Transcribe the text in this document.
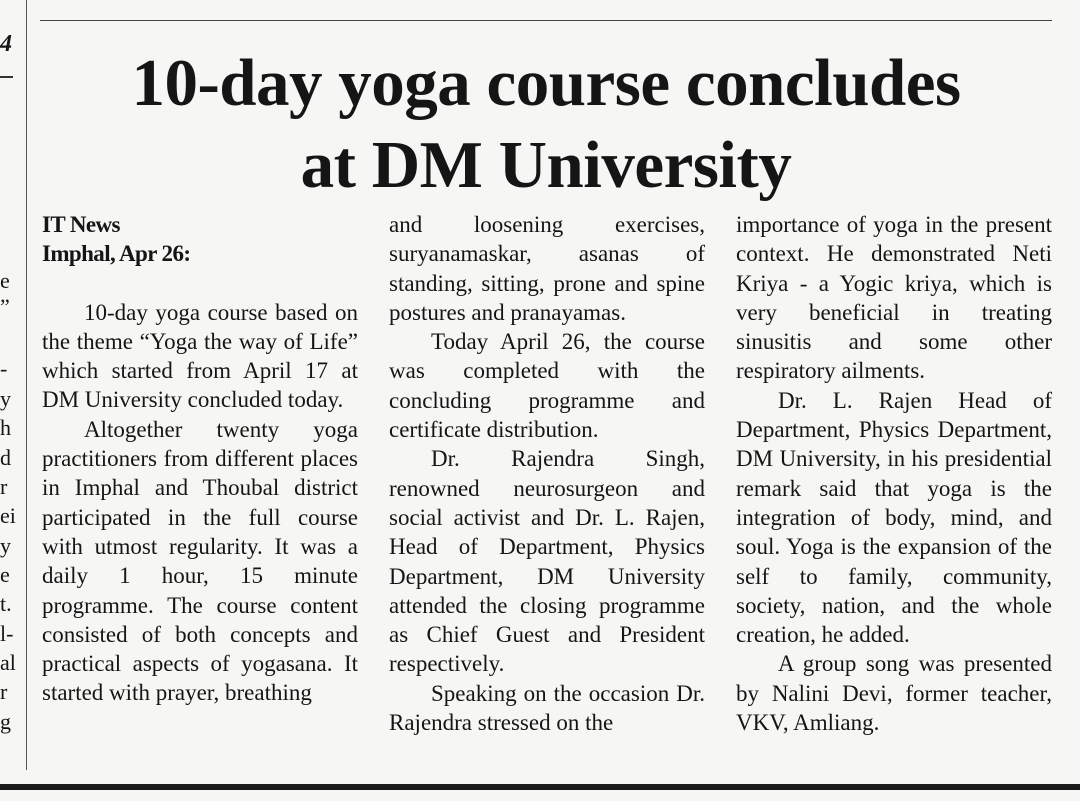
4
e
”
-
y
h
d
r
ei
y
e
t.
l-
al
r
g
10-day yoga course concludes
at DM University
IT News
Imphal, Apr 26:

10-day yoga course based on the theme “Yoga the way of Life” which started from April 17 at DM University concluded today.

Altogether twenty yoga practitioners from different places in Imphal and Thoubal district participated in the full course with utmost regularity. It was a daily 1 hour, 15 minute programme. The course content consisted of both concepts and practical aspects of yogasana. It started with prayer, breathing

and loosening exercises, suryanamaskar, asanas of standing, sitting, prone and spine postures and pranayamas.

Today April 26, the course was completed with the concluding programme and certificate distribution.

Dr. Rajendra Singh, renowned neurosurgeon and social activist and Dr. L. Rajen, Head of Department, Physics Department, DM University attended the closing programme as Chief Guest and President respectively.

Speaking on the occasion Dr. Rajendra stressed on the

importance of yoga in the present context. He demonstrated Neti Kriya - a Yogic kriya, which is very beneficial in treating sinusitis and some other respiratory ailments.

Dr. L. Rajen Head of Department, Physics Department, DM University, in his presidential remark said that yoga is the integration of body, mind, and soul. Yoga is the expansion of the self to family, community, society, nation, and the whole creation, he added.

A group song was presented by Nalini Devi, former teacher, VKV, Amliang.
